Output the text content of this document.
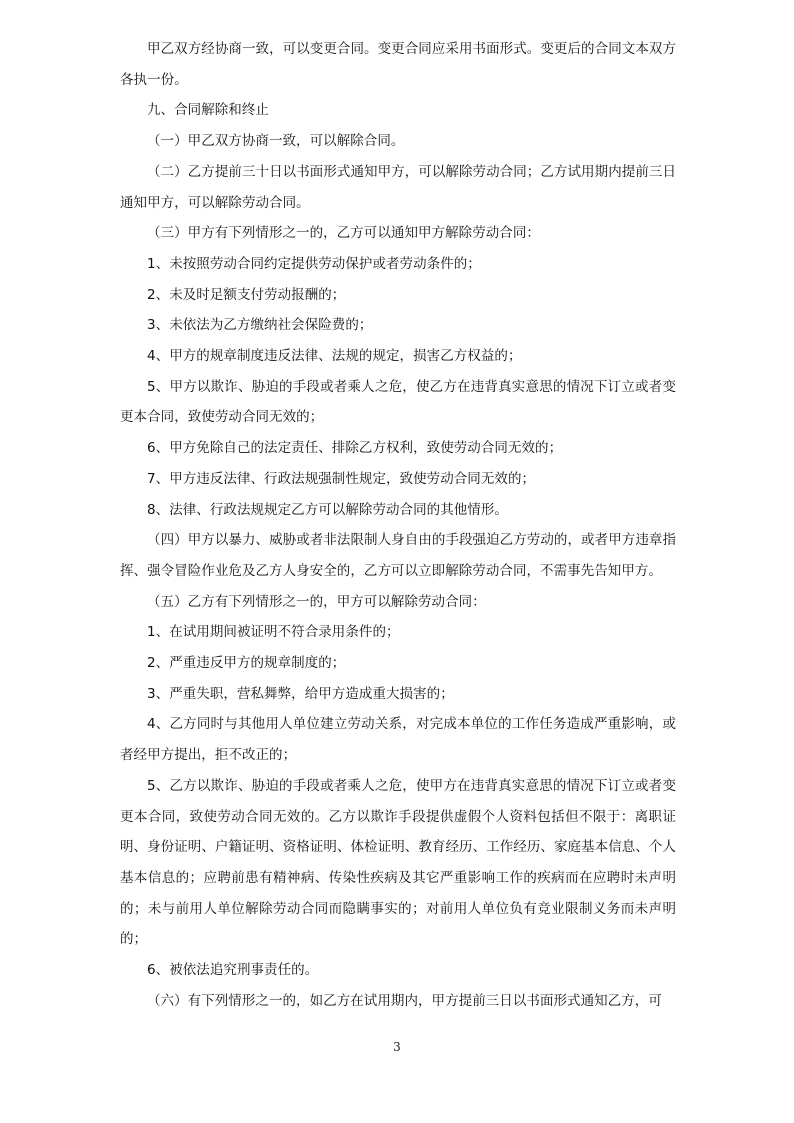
甲乙双方经协商一致，可以变更合同。变更合同应采用书面形式。变更后的合同文本双方各执一份。

九、合同解除和终止

（一）甲乙双方协商一致，可以解除合同。

（二）乙方提前三十日以书面形式通知甲方，可以解除劳动合同；乙方试用期内提前三日通知甲方，可以解除劳动合同。

（三）甲方有下列情形之一的，乙方可以通知甲方解除劳动合同：

1、未按照劳动合同约定提供劳动保护或者劳动条件的；

2、未及时足额支付劳动报酬的；

3、未依法为乙方缴纳社会保险费的；

4、甲方的规章制度违反法律、法规的规定，损害乙方权益的；

5、甲方以欺诈、胁迫的手段或者乘人之危，使乙方在违背真实意思的情况下订立或者变更本合同，致使劳动合同无效的；

6、甲方免除自己的法定责任、排除乙方权利，致使劳动合同无效的；

7、甲方违反法律、行政法规强制性规定，致使劳动合同无效的；

8、法律、行政法规规定乙方可以解除劳动合同的其他情形。

（四）甲方以暴力、威胁或者非法限制人身自由的手段强迫乙方劳动的，或者甲方违章指挥、强令冒险作业危及乙方人身安全的，乙方可以立即解除劳动合同，不需事先告知甲方。

（五）乙方有下列情形之一的，甲方可以解除劳动合同：

1、在试用期间被证明不符合录用条件的；

2、严重违反甲方的规章制度的；

3、严重失职，营私舞弊，给甲方造成重大损害的；

4、乙方同时与其他用人单位建立劳动关系，对完成本单位的工作任务造成严重影响，或者经甲方提出，拒不改正的；

5、乙方以欺诈、胁迫的手段或者乘人之危，使甲方在违背真实意思的情况下订立或者变更本合同，致使劳动合同无效的。乙方以欺诈手段提供虚假个人资料包括但不限于：离职证明、身份证明、户籍证明、资格证明、体检证明、教育经历、工作经历、家庭基本信息、个人基本信息的；应聘前患有精神病、传染性疾病及其它严重影响工作的疾病而在应聘时未声明的；未与前用人单位解除劳动合同而隐瞒事实的；对前用人单位负有竞业限制义务而未声明的；

6、被依法追究刑事责任的。

（六）有下列情形之一的，如乙方在试用期内，甲方提前三日以书面形式通知乙方，可

3
